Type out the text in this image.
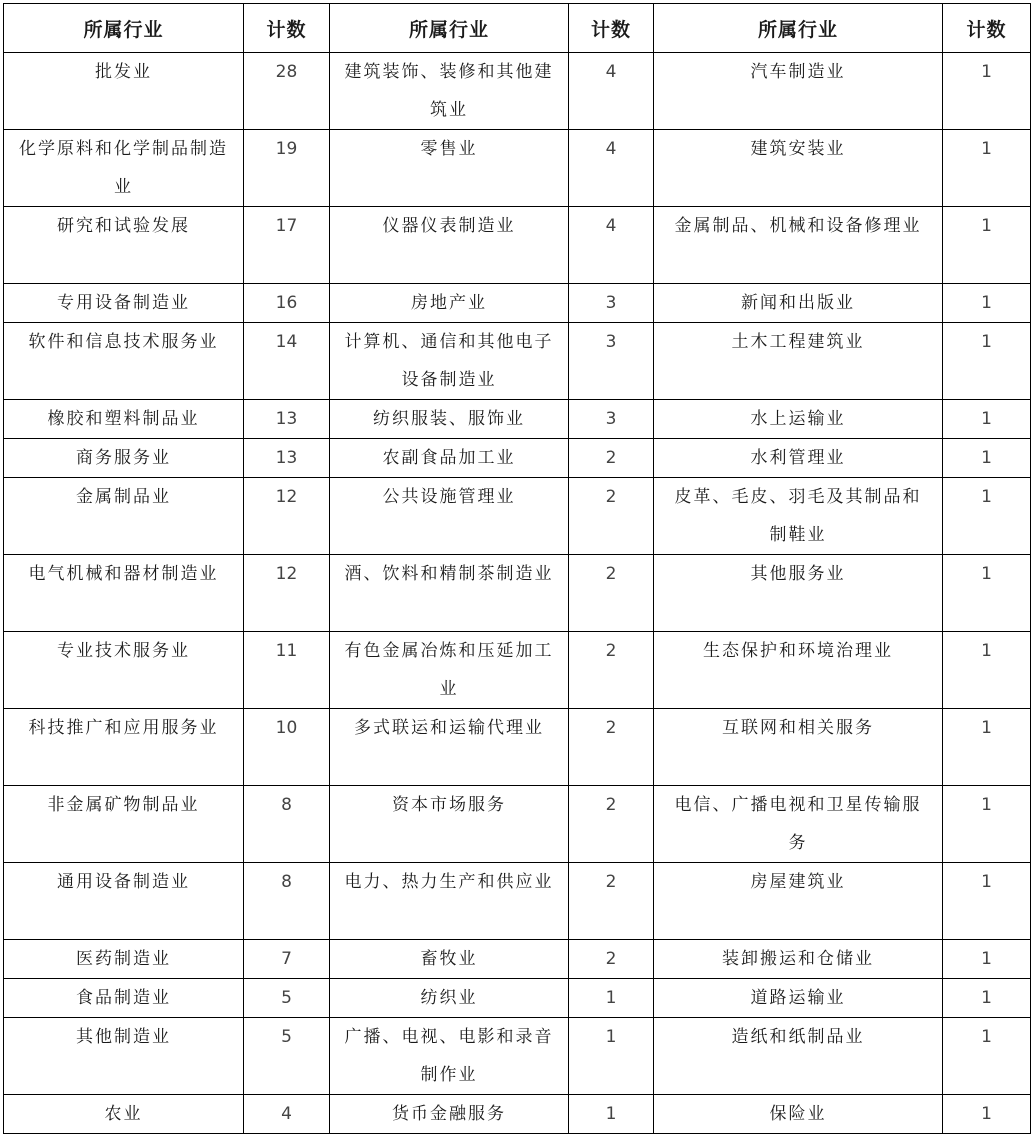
所属行业	计数	所属行业	计数	所属行业	计数

批发业	28	建筑装饰、装修和其他建筑业	4	汽车制造业	1

化学原料和化学制品制造业	19	零售业	4	建筑安装业	1

研究和试验发展	17	仪器仪表制造业	4	金属制品、机械和设备修理业	1

专用设备制造业	16	房地产业	3	新闻和出版业	1

软件和信息技术服务业	14	计算机、通信和其他电子设备制造业	3	土木工程建筑业	1

橡胶和塑料制品业	13	纺织服装、服饰业	3	水上运输业	1

商务服务业	13	农副食品加工业	2	水利管理业	1

金属制品业	12	公共设施管理业	2	皮革、毛皮、羽毛及其制品和制鞋业	1

电气机械和器材制造业	12	酒、饮料和精制茶制造业	2	其他服务业	1

专业技术服务业	11	有色金属冶炼和压延加工业	2	生态保护和环境治理业	1

科技推广和应用服务业	10	多式联运和运输代理业	2	互联网和相关服务	1

非金属矿物制品业	8	资本市场服务	2	电信、广播电视和卫星传输服务	1

通用设备制造业	8	电力、热力生产和供应业	2	房屋建筑业	1

医药制造业	7	畜牧业	2	装卸搬运和仓储业	1

食品制造业	5	纺织业	1	道路运输业	1

其他制造业	5	广播、电视、电影和录音制作业	1	造纸和纸制品业	1

农业	4	货币金融服务	1	保险业	1
